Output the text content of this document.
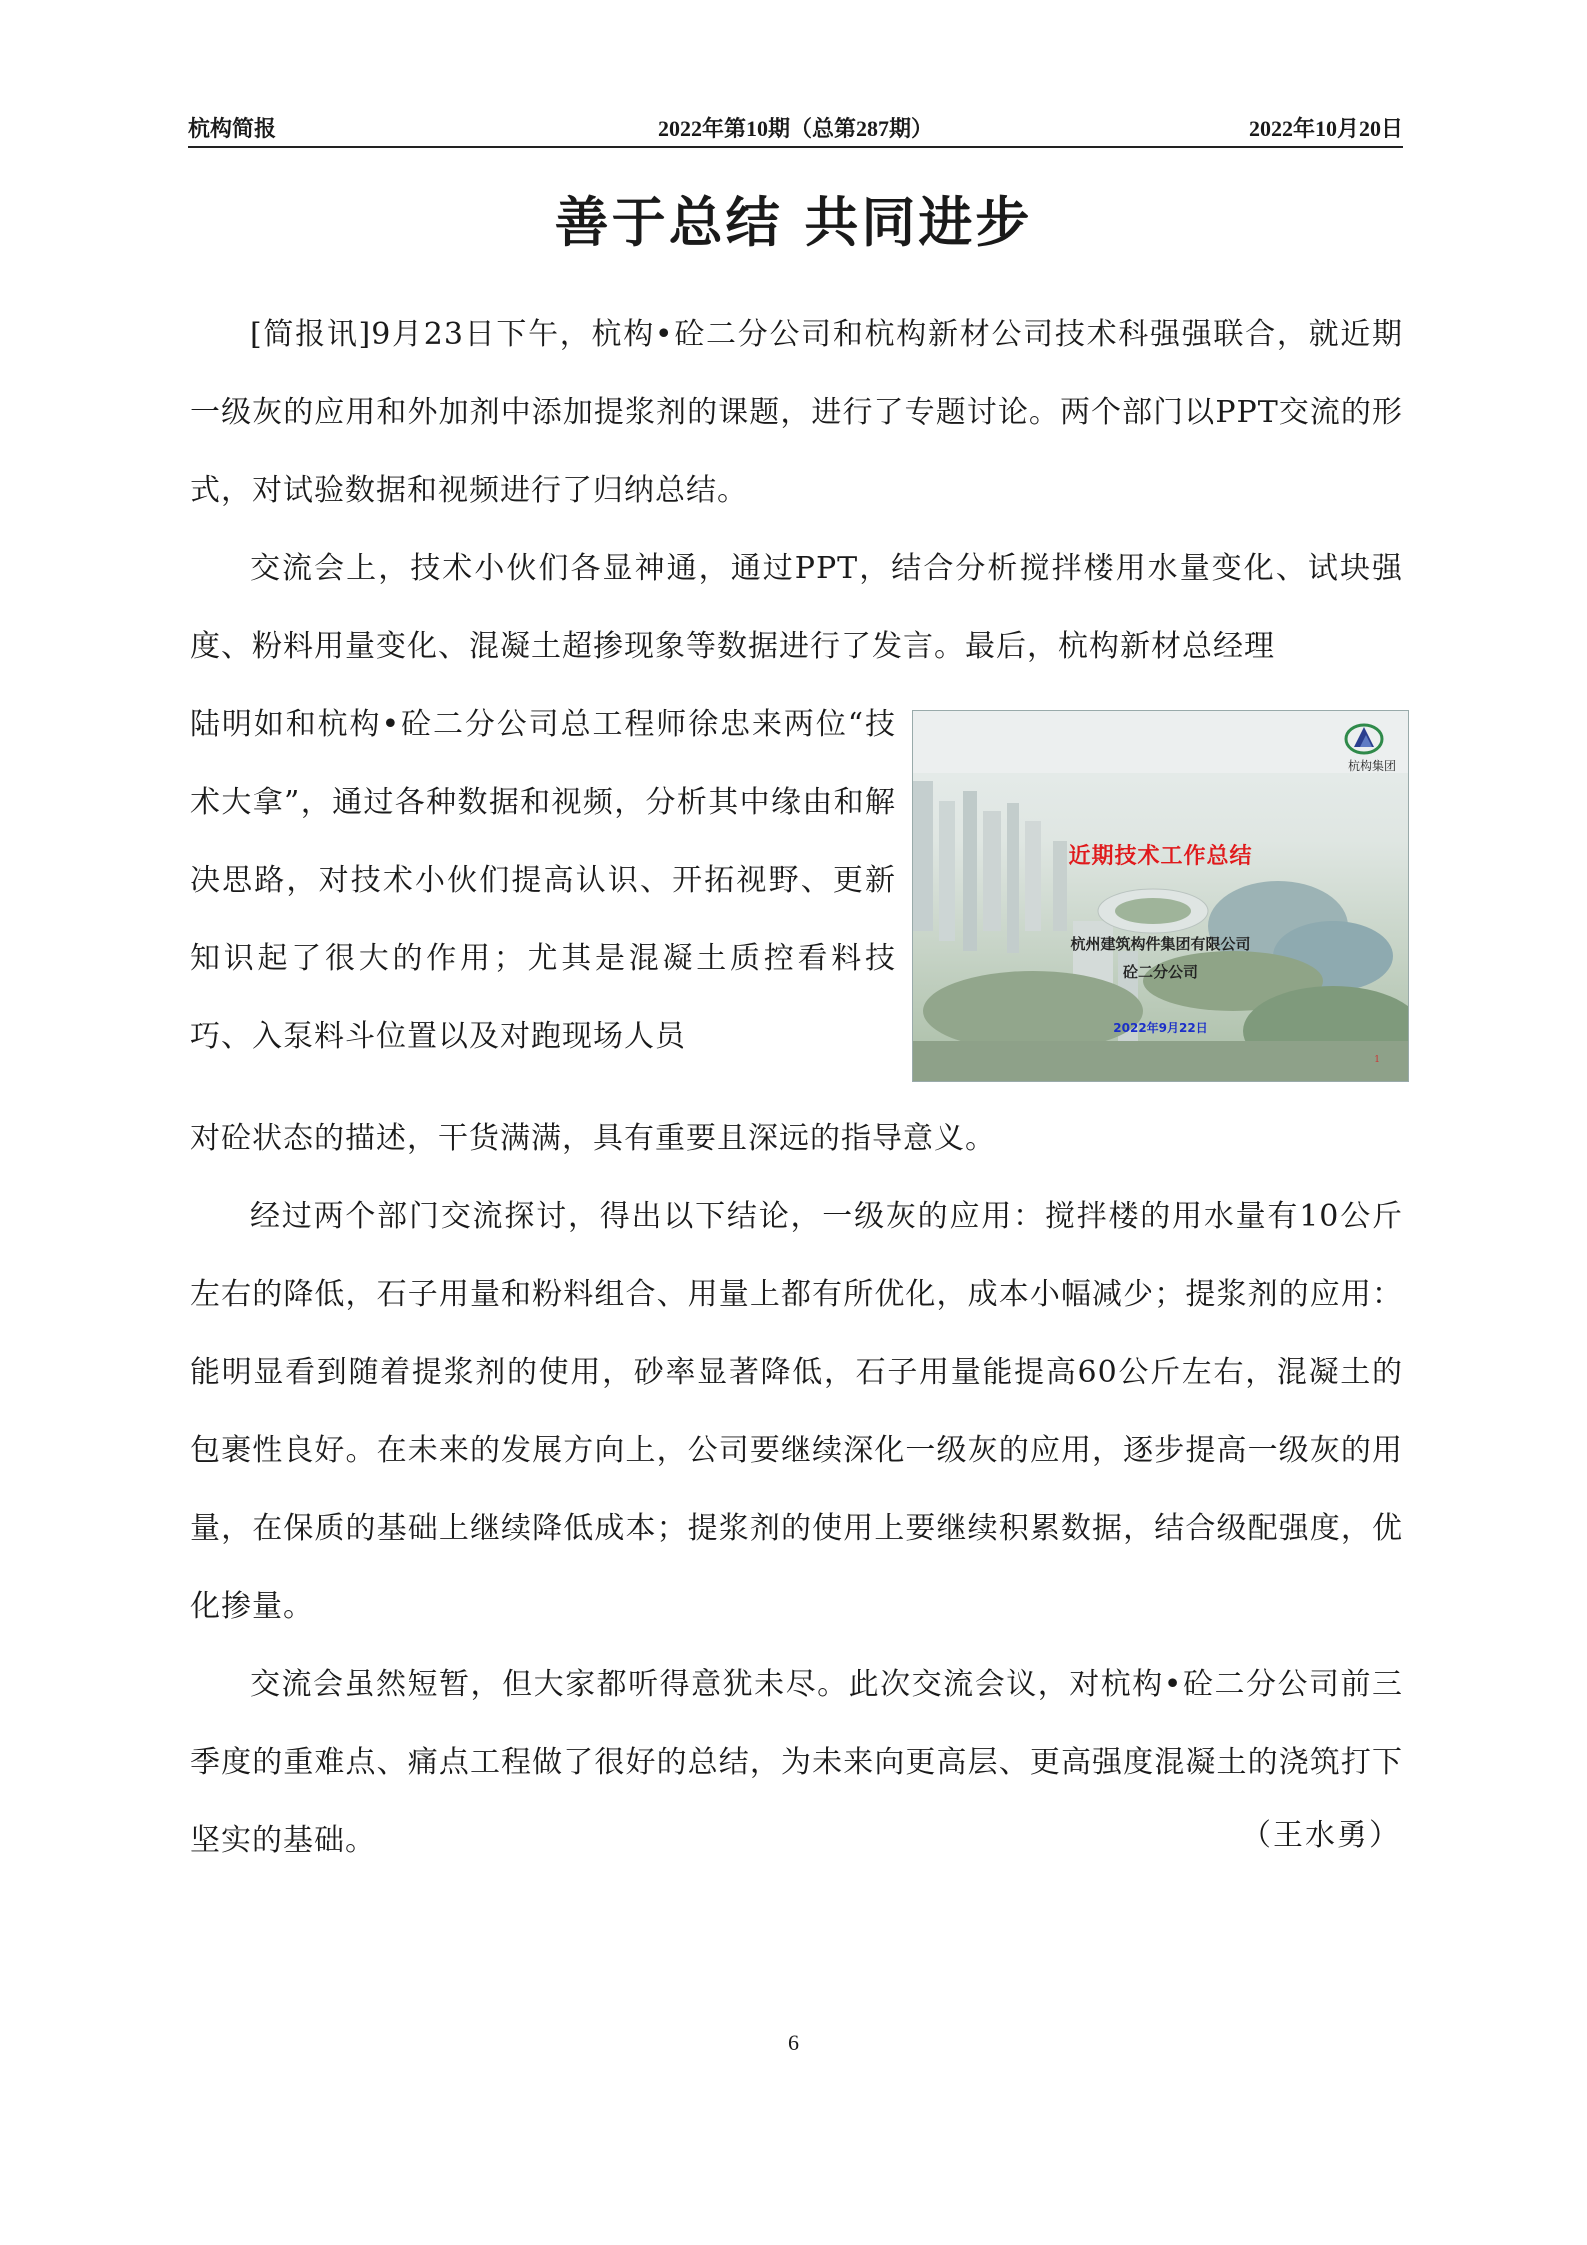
杭构简报	2022年第10期（总第287期）	2022年10月20日
善于总结 共同进步

[简报讯]9月23日下午，杭构•砼二分公司和杭构新材公司技术科强强联合，就近期一级灰的应用和外加剂中添加提浆剂的课题，进行了专题讨论。两个部门以PPT交流的形式，对试验数据和视频进行了归纳总结。

交流会上，技术小伙们各显神通，通过PPT，结合分析搅拌楼用水量变化、试块强度、粉料用量变化、混凝土超掺现象等数据进行了发言。最后，杭构新材总经理

陆明如和杭构•砼二分公司总工程师徐忠来两位“技术大拿”，通过各种数据和视频，分析其中缘由和解决思路，对技术小伙们提高认识、开拓视野、更新知识起了很大的作用；尤其是混凝土质控看料技巧、入泵料斗位置以及对跑现场人员

对砼状态的描述，干货满满，具有重要且深远的指导意义。

经过两个部门交流探讨，得出以下结论，一级灰的应用：搅拌楼的用水量有10公斤左右的降低，石子用量和粉料组合、用量上都有所优化，成本小幅减少；提浆剂的应用：能明显看到随着提浆剂的使用，砂率显著降低，石子用量能提高60公斤左右，混凝土的包裹性良好。在未来的发展方向上，公司要继续深化一级灰的应用，逐步提高一级灰的用量，在保质的基础上继续降低成本；提浆剂的使用上要继续积累数据，结合级配强度，优化掺量。

交流会虽然短暂，但大家都听得意犹未尽。此次交流会议，对杭构•砼二分公司前三季度的重难点、痛点工程做了很好的总结，为未来向更高层、更高强度混凝土的浇筑打下坚实的基础。	（王水勇）
杭构集团
近期技术工作总结
杭州建筑构件集团有限公司
砼二分公司
2022年9月22日
1
6
